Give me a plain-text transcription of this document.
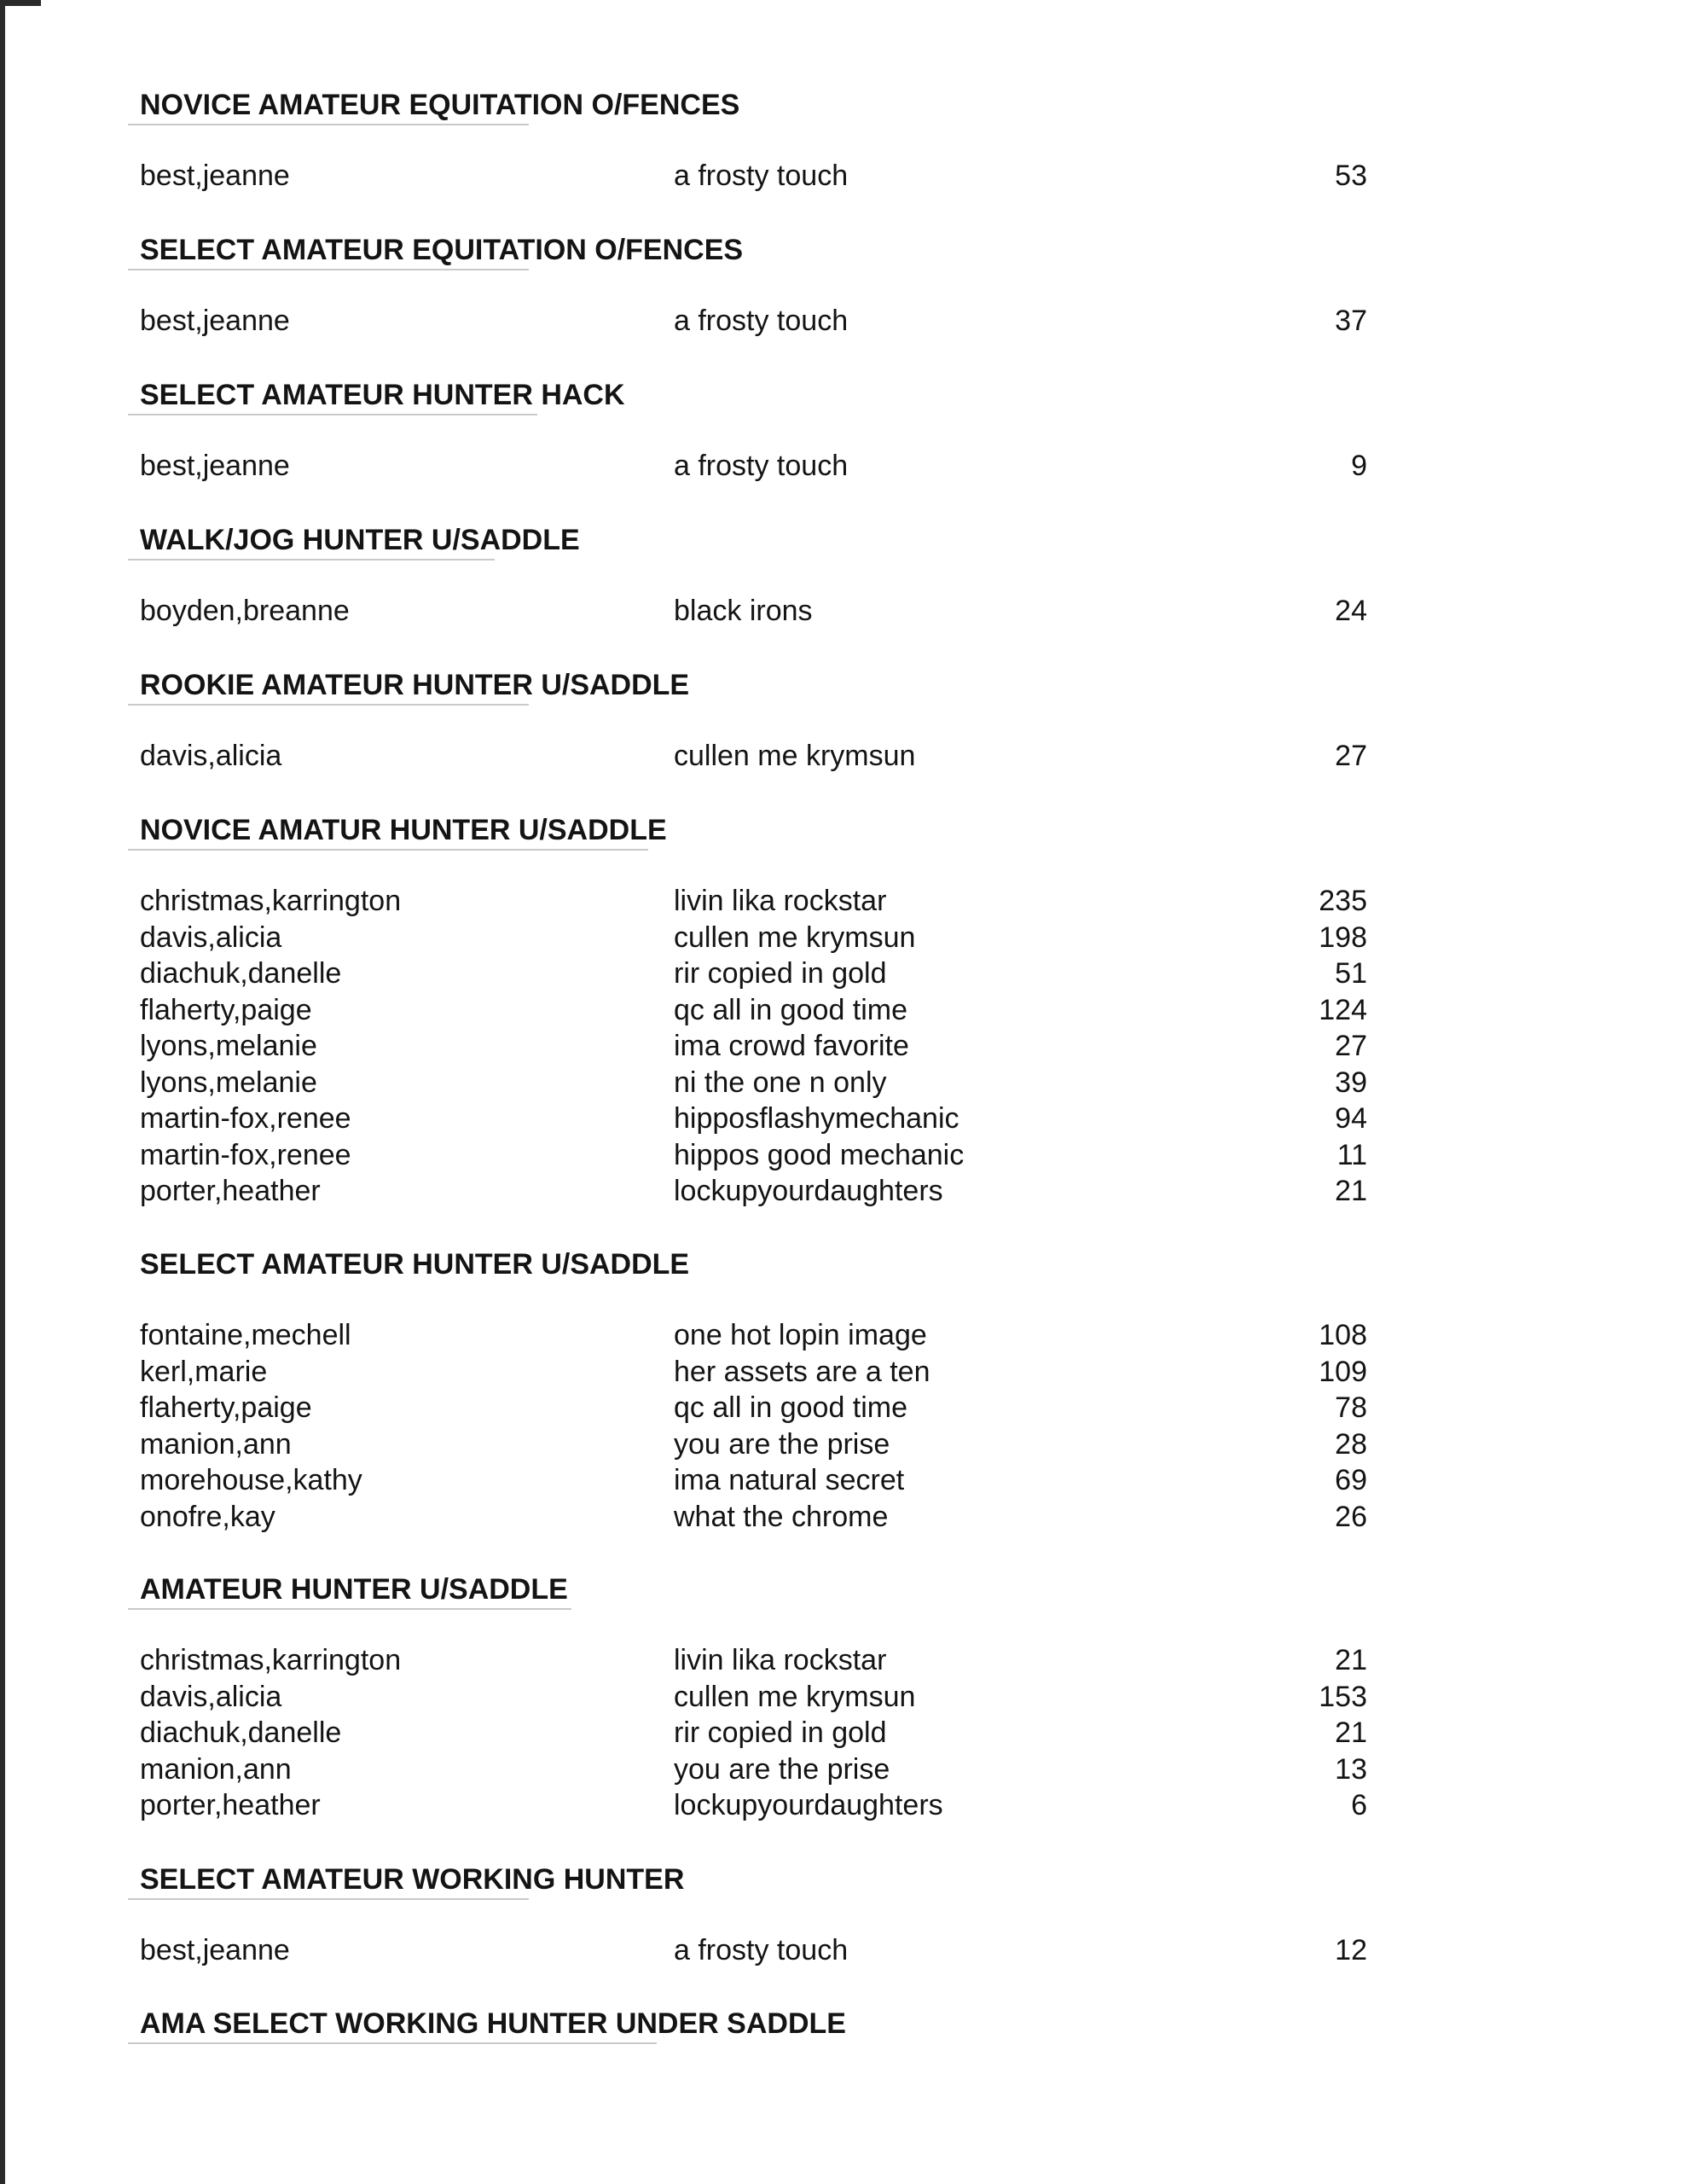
NOVICE AMATEUR EQUITATION O/FENCES
best,jeanne	a frosty touch	53
SELECT AMATEUR EQUITATION O/FENCES
best,jeanne	a frosty touch	37
SELECT AMATEUR HUNTER HACK
best,jeanne	a frosty touch	9
WALK/JOG HUNTER U/SADDLE
boyden,breanne	black irons	24
ROOKIE AMATEUR HUNTER U/SADDLE
davis,alicia	cullen me krymsun	27
NOVICE AMATUR HUNTER U/SADDLE
christmas,karrington	livin lika rockstar	235
davis,alicia	cullen me krymsun	198
diachuk,danelle	rir copied in gold	51
flaherty,paige	qc all in good time	124
lyons,melanie	ima crowd favorite	27
lyons,melanie	ni the one n only	39
martin-fox,renee	hipposflashymechanic	94
martin-fox,renee	hippos good mechanic	11
porter,heather	lockupyourdaughters	21
SELECT AMATEUR HUNTER U/SADDLE
fontaine,mechell	one hot lopin image	108
kerl,marie	her assets are a ten	109
flaherty,paige	qc all in good time	78
manion,ann	you are the prise	28
morehouse,kathy	ima natural secret	69
onofre,kay	what the chrome	26
AMATEUR HUNTER U/SADDLE
christmas,karrington	livin lika rockstar	21
davis,alicia	cullen me krymsun	153
diachuk,danelle	rir copied in gold	21
manion,ann	you are the prise	13
porter,heather	lockupyourdaughters	6
SELECT AMATEUR WORKING HUNTER
best,jeanne	a frosty touch	12
AMA SELECT WORKING HUNTER UNDER SADDLE
